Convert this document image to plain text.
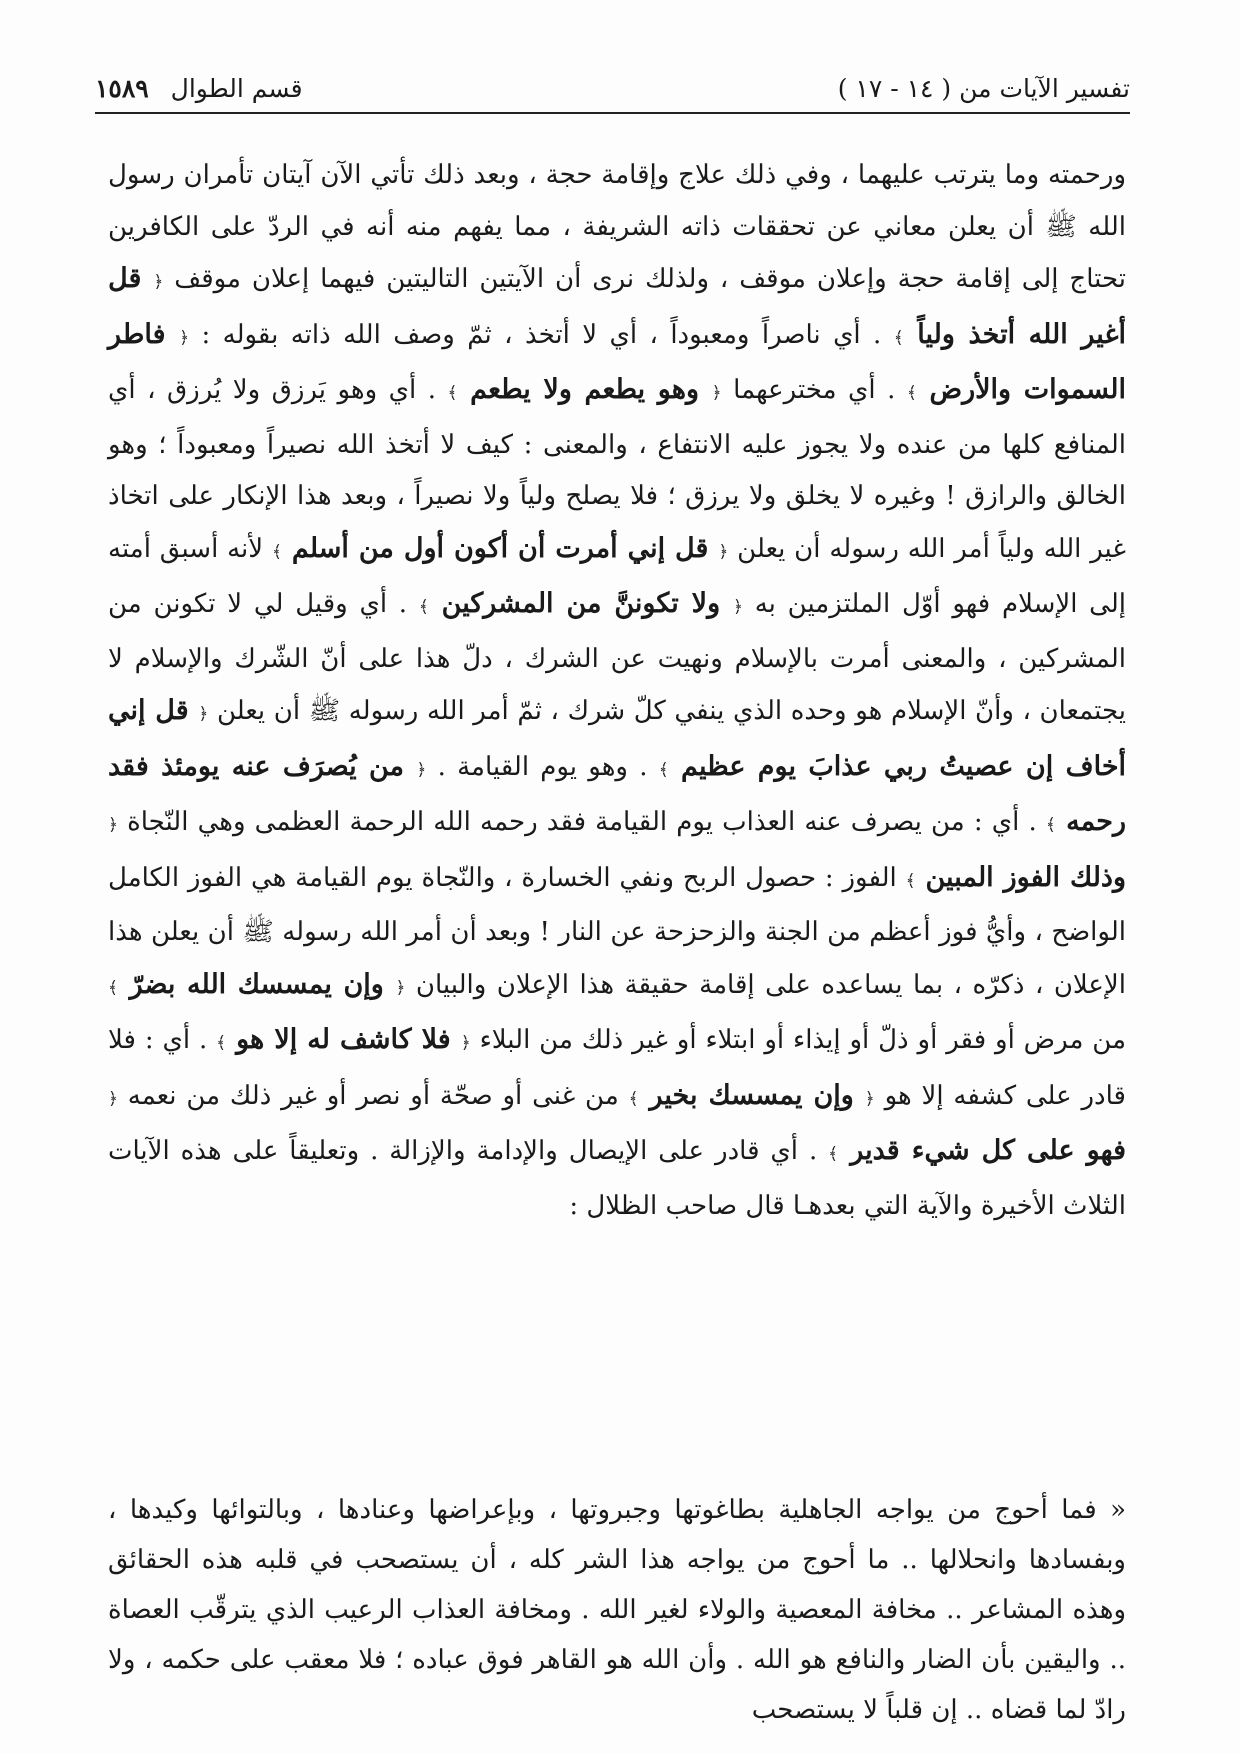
تفسير الآيات من ( ١٤ - ١٧ )
قسم الطوال ١٥٨٩

ورحمته وما يترتب عليهما ، وفي ذلك علاج وإقامة حجة ، وبعد ذلك تأتي الآن آيتان تأمران رسول الله ﷺ أن يعلن معاني عن تحققات ذاته الشريفة ، مما يفهم منه أنه في الردّ على الكافرين تحتاج إلى إقامة حجة وإعلان موقف ، ولذلك نرى أن الآيتين التاليتين فيهما إعلان موقف ﴿ قل أغير الله أتخذ ولياً ﴾ . أي ناصراً ومعبوداً ، أي لا أتخذ ، ثمّ وصف الله ذاته بقوله : ﴿ فاطر السموات والأرض ﴾ . أي مخترعهما ﴿ وهو يطعم ولا يطعم ﴾ . أي وهو يَرزق ولا يُرزق ، أي المنافع كلها من عنده ولا يجوز عليه الانتفاع ، والمعنى : كيف لا أتخذ الله نصيراً ومعبوداً ؛ وهو الخالق والرازق ! وغيره لا يخلق ولا يرزق ؛ فلا يصلح ولياً ولا نصيراً ، وبعد هذا الإنكار على اتخاذ غير الله ولياً أمر الله رسوله أن يعلن ﴿ قل إني أمرت أن أكون أول من أسلم ﴾ لأنه أسبق أمته إلى الإسلام فهو أوّل الملتزمين به ﴿ ولا تكوننَّ من المشركين ﴾ . أي وقيل لي لا تكونن من المشركين ، والمعنى أمرت بالإسلام ونهيت عن الشرك ، دلّ هذا على أنّ الشّرك والإسلام لا يجتمعان ، وأنّ الإسلام هو وحده الذي ينفي كلّ شرك ، ثمّ أمر الله رسوله ﷺ أن يعلن ﴿ قل إني أخاف إن عصيتُ ربي عذابَ يوم عظيم ﴾ . وهو يوم القيامة . ﴿ من يُصرَف عنه يومئذ فقد رحمه ﴾ . أي : من يصرف عنه العذاب يوم القيامة فقد رحمه الله الرحمة العظمى وهي النّجاة ﴿ وذلك الفوز المبين ﴾ الفوز : حصول الربح ونفي الخسارة ، والنّجاة يوم القيامة هي الفوز الكامل الواضح ، وأيُّ فوز أعظم من الجنة والزحزحة عن النار ! وبعد أن أمر الله رسوله ﷺ أن يعلن هذا الإعلان ، ذكرّه ، بما يساعده على إقامة حقيقة هذا الإعلان والبيان ﴿ وإن يمسسك الله بضرّ ﴾ من مرض أو فقر أو ذلّ أو إيذاء أو ابتلاء أو غير ذلك من البلاء ﴿ فلا كاشف له إلا هو ﴾ . أي : فلا قادر على كشفه إلا هو ﴿ وإن يمسسك بخير ﴾ من غنى أو صحّة أو نصر أو غير ذلك من نعمه ﴿ فهو على كل شيء قدير ﴾ . أي قادر على الإيصال والإدامة والإزالة . وتعليقاً على هذه الآيات الثلاث الأخيرة والآية التي بعدهـا قال صاحب الظلال :

« فما أحوج من يواجه الجاهلية بطاغوتها وجبروتها ، وبإعراضها وعنادها ، وبالتوائها وكيدها ، وبفسادها وانحلالها .. ما أحوج من يواجه هذا الشر كله ، أن يستصحب في قلبه هذه الحقائق وهذه المشاعر .. مخافة المعصية والولاء لغير الله . ومخافة العذاب الرعيب الذي يترقّب العصاة .. واليقين بأن الضار والنافع هو الله . وأن الله هو القاهر فوق عباده ؛ فلا معقب على حكمه ، ولا رادّ لما قضاه .. إن قلباً لا يستصحب
